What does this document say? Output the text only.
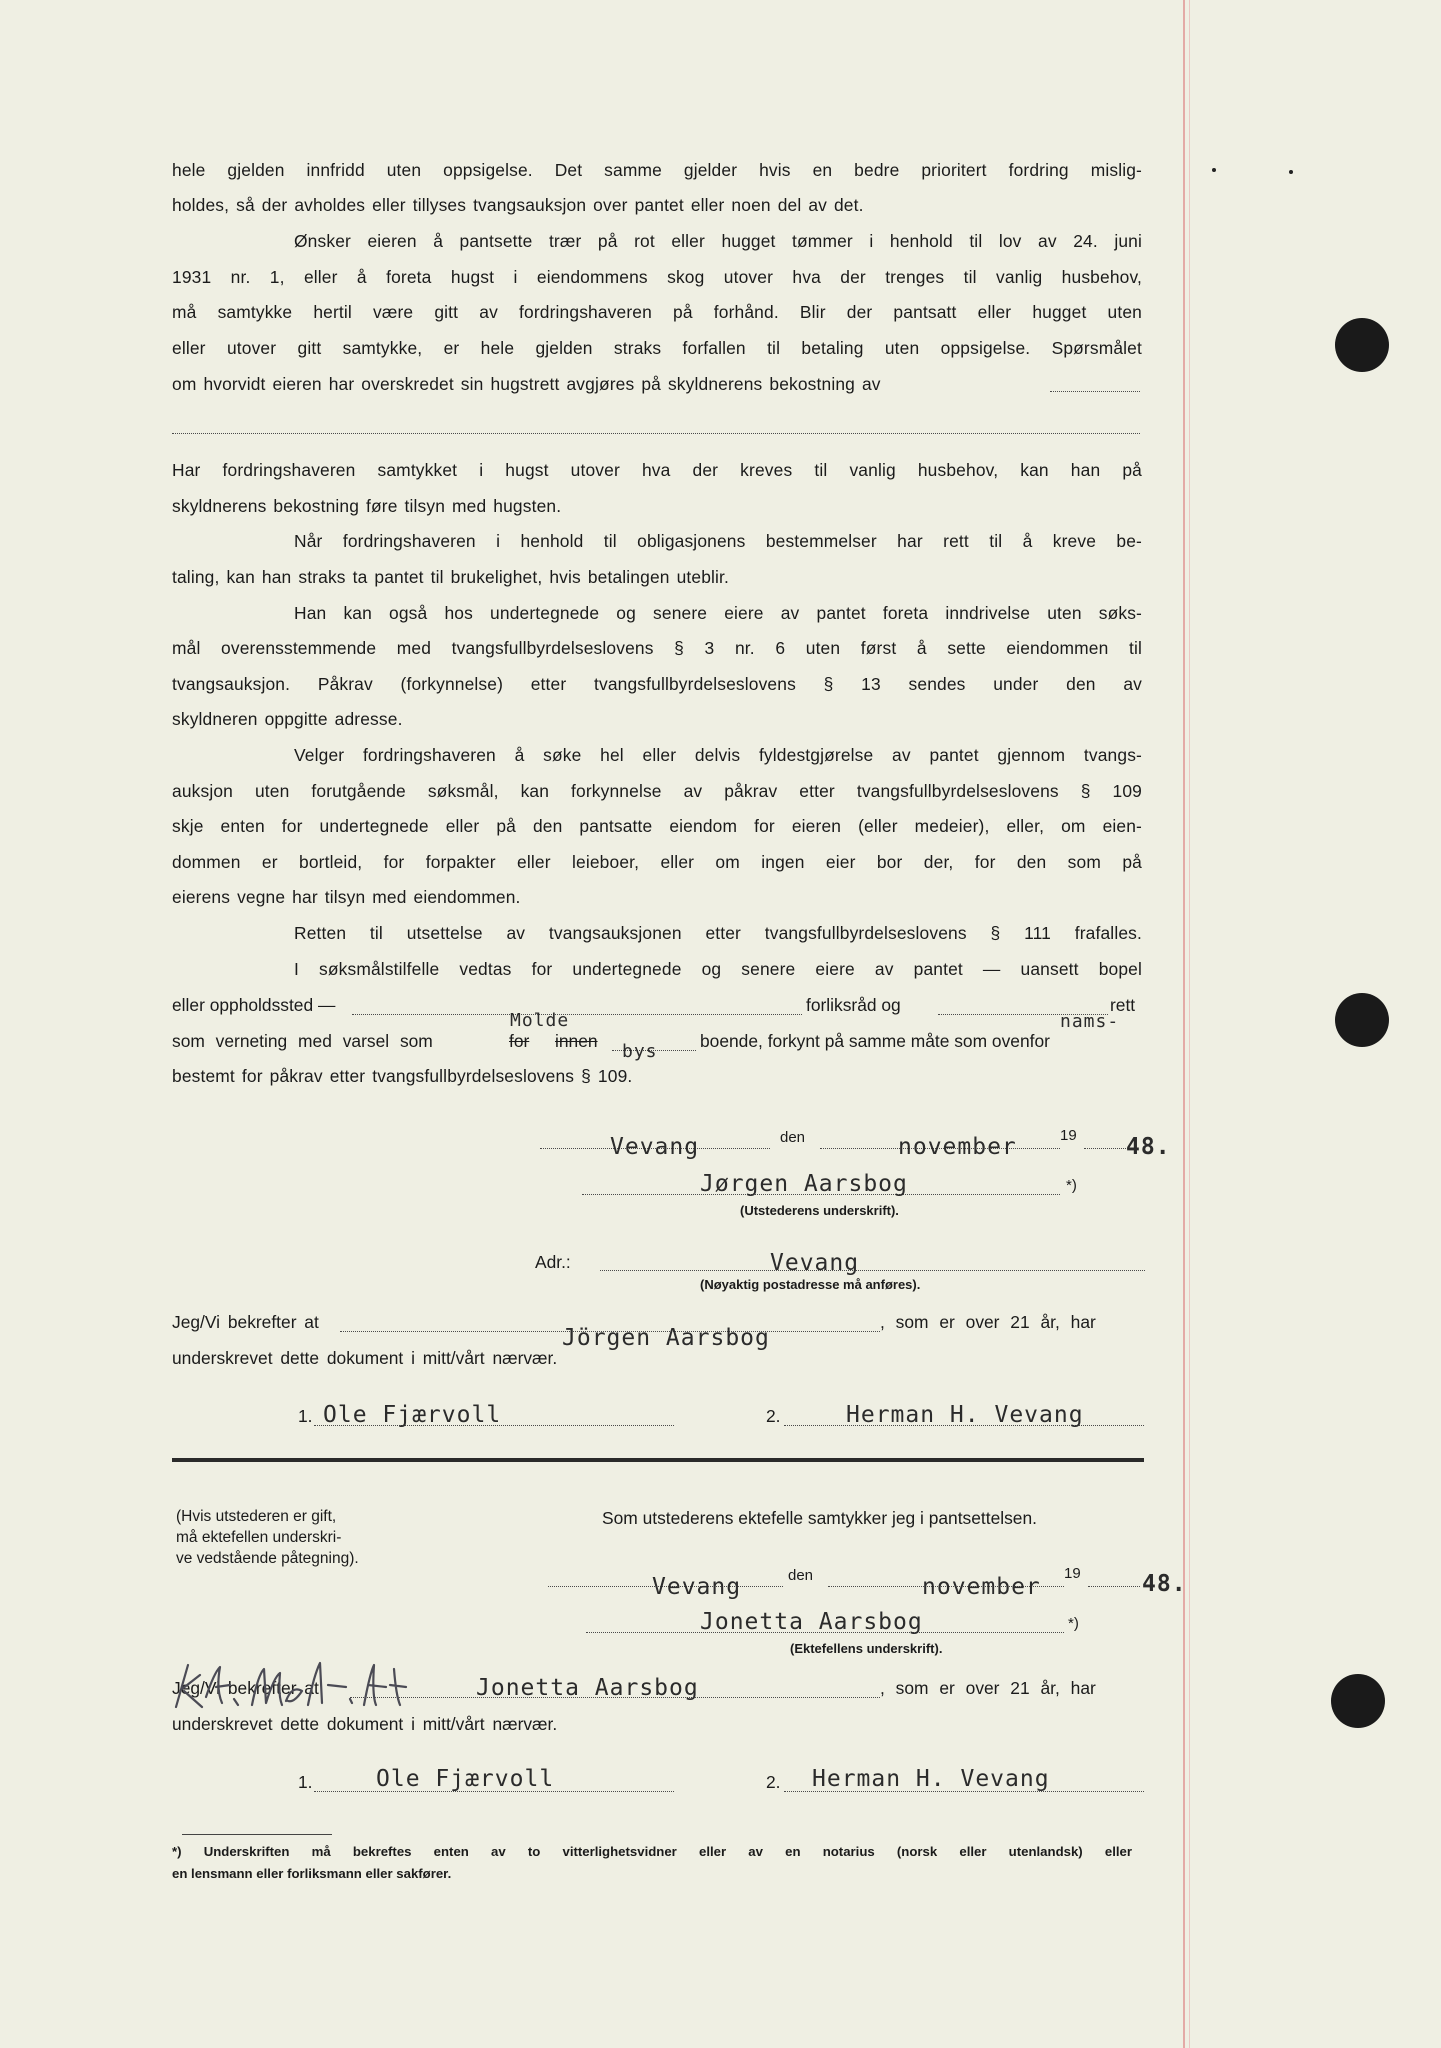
hele gjelden innfridd uten oppsigelse. Det samme gjelder hvis en bedre prioritert fordring mislig-
holdes, så der avholdes eller tillyses tvangsauksjon over pantet eller noen del av det.
Ønsker eieren å pantsette trær på rot eller hugget tømmer i henhold til lov av 24. juni
1931 nr. 1, eller å foreta hugst i eiendommens skog utover hva der trenges til vanlig husbehov,
må samtykke hertil være gitt av fordringshaveren på forhånd. Blir der pantsatt eller hugget uten
eller utover gitt samtykke, er hele gjelden straks forfallen til betaling uten oppsigelse. Spørsmålet
om hvorvidt eieren har overskredet sin hugstrett avgjøres på skyldnerens bekostning av
Har fordringshaveren samtykket i hugst utover hva der kreves til vanlig husbehov, kan han på
skyldnerens bekostning føre tilsyn med hugsten.
Når fordringshaveren i henhold til obligasjonens bestemmelser har rett til å kreve be-
taling, kan han straks ta pantet til brukelighet, hvis betalingen uteblir.
Han kan også hos undertegnede og senere eiere av pantet foreta inndrivelse uten søks-
mål overensstemmende med tvangsfullbyrdelseslovens § 3 nr. 6 uten først å sette eiendommen til
tvangsauksjon. Påkrav (forkynnelse) etter tvangsfullbyrdelseslovens § 13 sendes under den av
skyldneren oppgitte adresse.
Velger fordringshaveren å søke hel eller delvis fyldestgjørelse av pantet gjennom tvangs-
auksjon uten forutgående søksmål, kan forkynnelse av påkrav etter tvangsfullbyrdelseslovens § 109
skje enten for undertegnede eller på den pantsatte eiendom for eieren (eller medeier), eller, om eien-
dommen er bortleid, for forpakter eller leieboer, eller om ingen eier bor der, for den som på
eierens vegne har tilsyn med eiendommen.
Retten til utsettelse av tvangsauksjonen etter tvangsfullbyrdelseslovens § 111 frafalles.
I søksmålstilfelle vedtas for undertegnede og senere eiere av pantet — uansett bopel
eller oppholdssted —	forliksråd og	rett
som verneting med varsel som	for innen	boende, forkynt på samme måte som ovenfor
Molde
bys
nams-
bestemt for påkrav etter tvangsfullbyrdelseslovens § 109.
Vevang	den	november	19 48.
Jørgen Aarsbog	*)
(Utstederens underskrift).
Adr.:	Vevang
(Nøyaktig postadresse må anføres).
Jeg/Vi bekrefter at
Jörgen Aarsbog
, som er over 21 år, har
underskrevet dette dokument i mitt/vårt nærvær.
1. Ole Fjærvoll	2.	Herman H. Vevang
(Hvis utstederen er gift,
må ektefellen underskri-
ve vedstående påtegning).
Som utstederens ektefelle samtykker jeg i pantsettelsen.
Vevang	den	november
19	48.
Jonetta Aarsbog	*)
(Ektefellens underskrift).
Jeg/Vi bekrefter at	Jonetta Aarsbog	, som er over 21 år, har
underskrevet dette dokument i mitt/vårt nærvær.
1.	Ole Fjærvoll	2. Herman H. Vevang
*) Underskriften må bekreftes enten av to vitterlighetsvidner eller av en notarius (norsk eller utenlandsk) eller
en lensmann eller forliksmann eller sakfører.
